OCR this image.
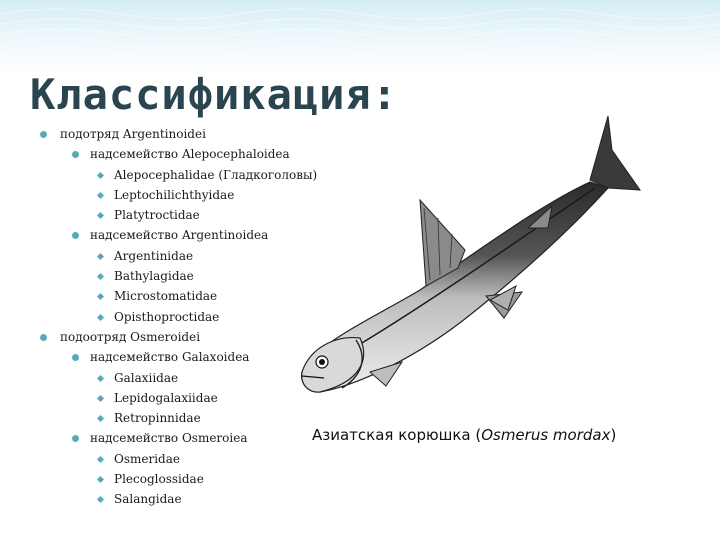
Классификация:
подотряд Argentinoidei
надсемейство Alepocephaloidea
Alepocephalidae (Гладкоголовы)
Leptochilichthyidae
Platytroctidae
надсемейство Argentinoidea
Argentinidae
Bathylagidae
Microstomatidae
Opisthoproctidae
подоотряд Osmeroidei
надсемейство Galaxoidea
Galaxiidae
Lepidogalaxiidae
Retropinnidae
надсемейство Osmeroiea
Osmeridae
Plecoglossidae
Salangidae
Азиатская корюшка (Osmerus mordax)
